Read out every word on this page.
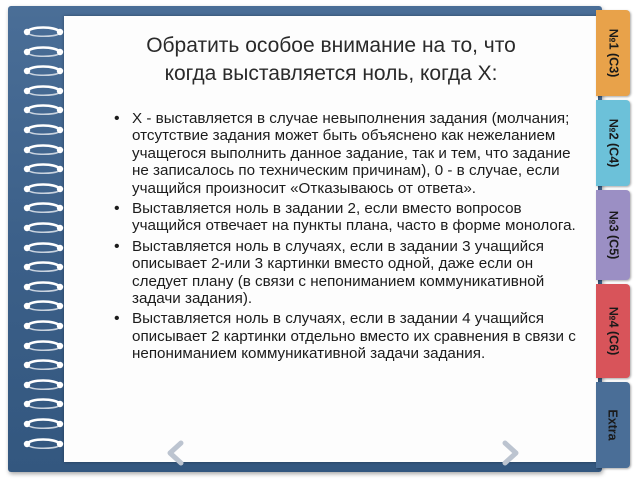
Обратить особое внимание на то, что
когда выставляется ноль, когда Х:
• Х - выставляется в случае невыполнения задания (молчания; отсутствие задания может быть объяснено как нежеланием учащегося выполнить данное задание, так и тем, что задание не записалось по техническим причинам), 0 - в случае, если учащийся произносит «Отказываюсь от ответа».
• Выставляется ноль в задании 2, если вместо вопросов учащийся отвечает на пункты плана, часто в форме монолога.
• Выставляется ноль в случаях, если в задании 3 учащийся описывает 2-или 3 картинки вместо одной, даже если он следует плану (в связи с непониманием коммуникативной задачи задания).
• Выставляется ноль в случаях, если в задании 4 учащийся описывает 2 картинки отдельно вместо их сравнения в связи с непониманием коммуникативной задачи задания.
№1 (С3)
№2 (С4)
№3 (С5)
№4 (С6)
Extra
